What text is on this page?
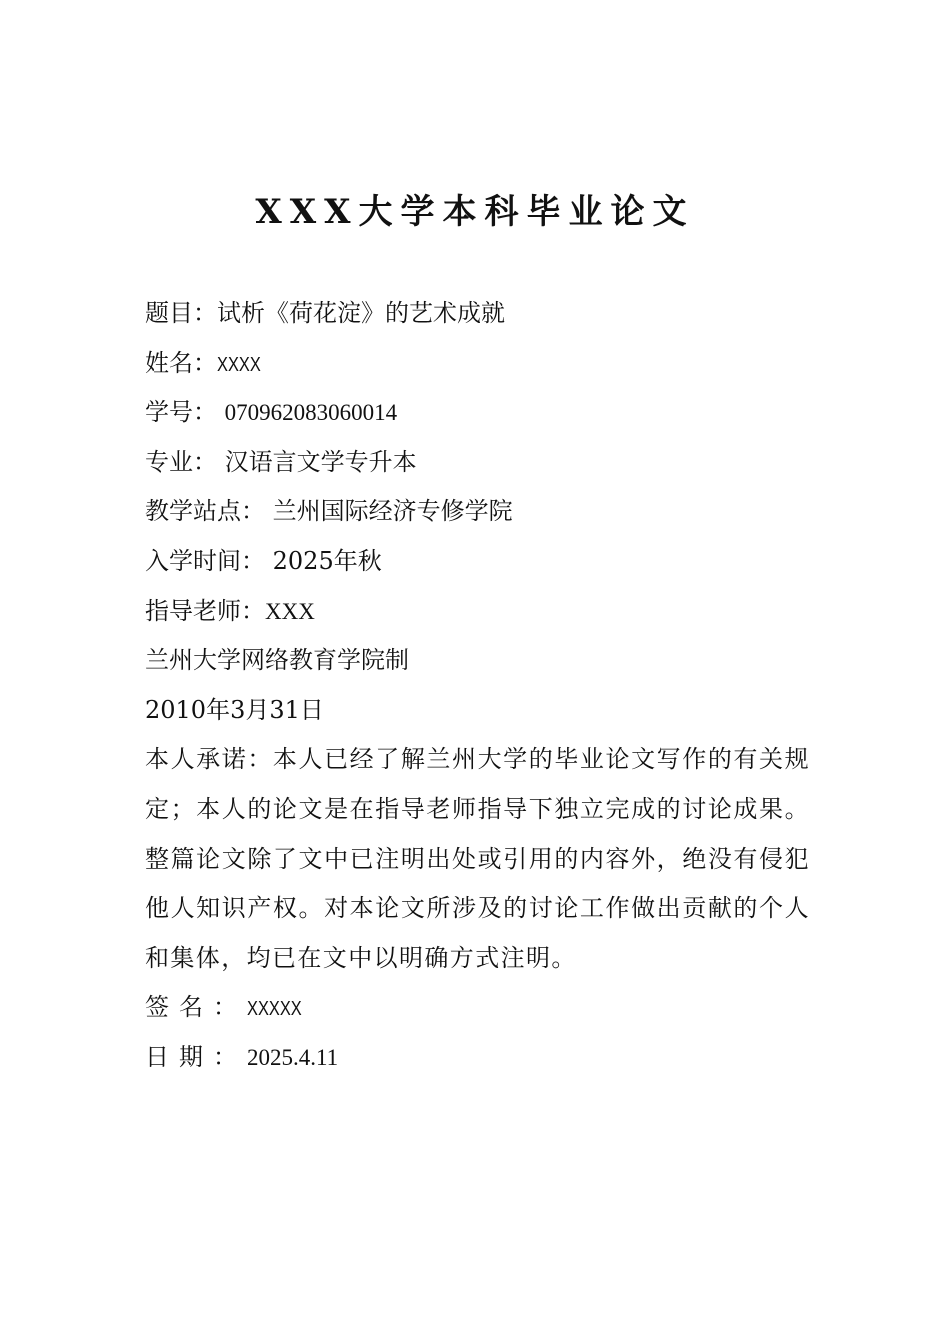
XXX大学本科毕业论文
题目：试析《荷花淀》的艺术成就
姓名：XXXX
学号： 070962083060014
专业： 汉语言文学专升本
教学站点： 兰州国际经济专修学院
入学时间： 2025年秋
指导老师：XXX
兰州大学网络教育学院制
2010年3月31日
本人承诺：本人已经了解兰州大学的毕业论文写作的有关规定；本人的论文是在指导老师指导下独立完成的讨论成果。整篇论文除了文中已注明出处或引用的内容外，绝没有侵犯他人知识产权。对本论文所涉及的讨论工作做出贡献的个人和集体，均已在文中以明确方式注明。
签名：XXXXX
日期：2025.4.11
